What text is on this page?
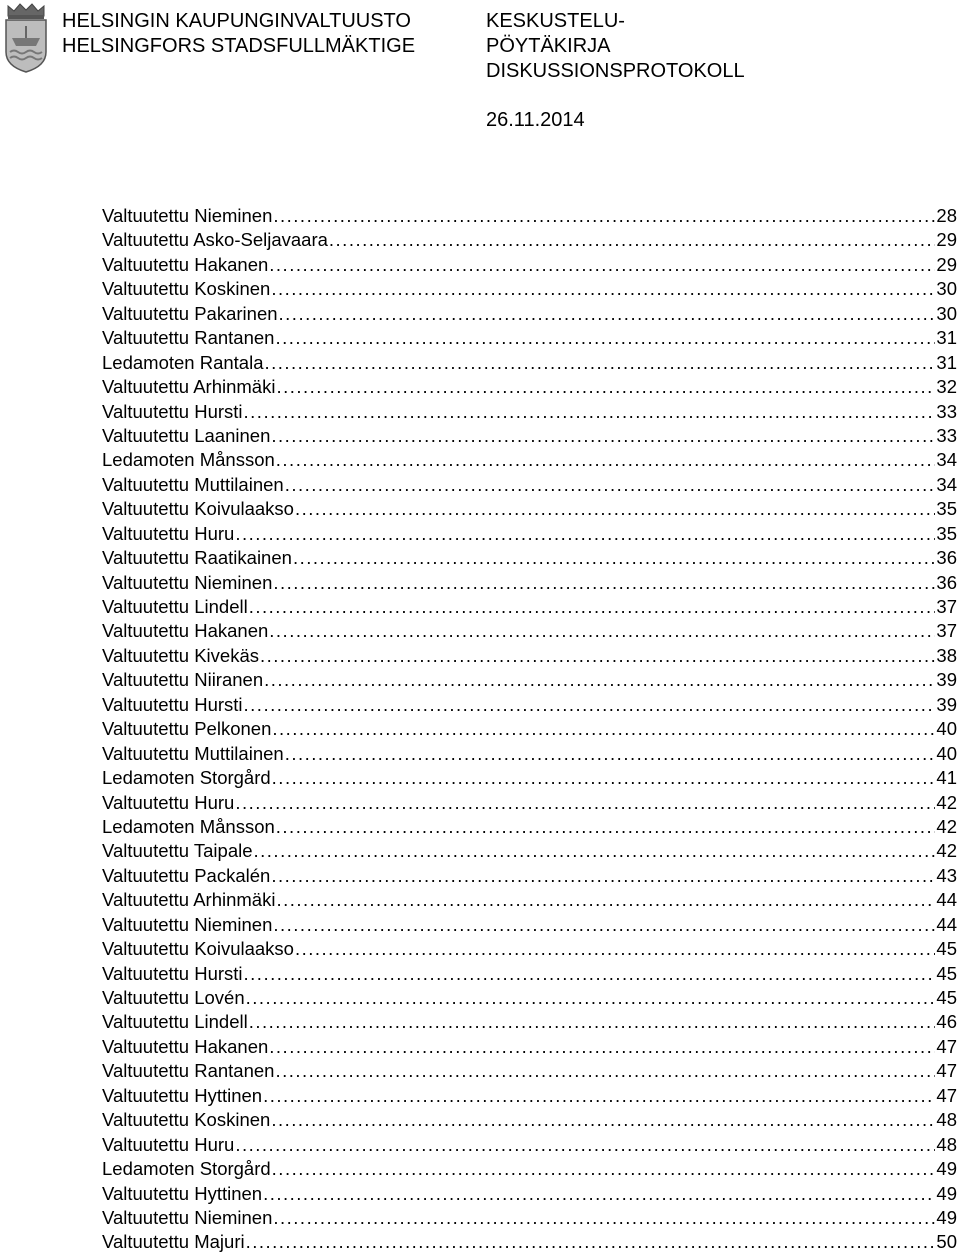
HELSINGIN KAUPUNGINVALTUUSTO
HELSINGFORS STADSFULLMÄKTIGE
KESKUSTELU-
PÖYTÄKIRJA
DISKUSSIONSPROTOKOLL
26.11.2014
Valtuutettu Nieminen .....	28
Valtuutettu Asko-Seljavaara .....	29
Valtuutettu Hakanen .....	29
Valtuutettu Koskinen .....	30
Valtuutettu Pakarinen .....	30
Valtuutettu Rantanen .....	31
Ledamoten Rantala .....	31
Valtuutettu Arhinmäki .....	32
Valtuutettu Hursti .....	33
Valtuutettu Laaninen .....	33
Ledamoten Månsson .....	34
Valtuutettu Muttilainen .....	34
Valtuutettu Koivulaakso .....	35
Valtuutettu Huru .....	35
Valtuutettu Raatikainen .....	36
Valtuutettu Nieminen .....	36
Valtuutettu Lindell .....	37
Valtuutettu Hakanen .....	37
Valtuutettu Kivekäs .....	38
Valtuutettu Niiranen .....	39
Valtuutettu Hursti .....	39
Valtuutettu Pelkonen .....	40
Valtuutettu Muttilainen .....	40
Ledamoten Storgård .....	41
Valtuutettu Huru .....	42
Ledamoten Månsson .....	42
Valtuutettu Taipale .....	42
Valtuutettu Packalén .....	43
Valtuutettu Arhinmäki .....	44
Valtuutettu Nieminen .....	44
Valtuutettu Koivulaakso .....	45
Valtuutettu Hursti .....	45
Valtuutettu Lovén .....	45
Valtuutettu Lindell .....	46
Valtuutettu Hakanen .....	47
Valtuutettu Rantanen .....	47
Valtuutettu Hyttinen .....	47
Valtuutettu Koskinen .....	48
Valtuutettu Huru .....	48
Ledamoten Storgård .....	49
Valtuutettu Hyttinen .....	49
Valtuutettu Nieminen .....	49
Valtuutettu Majuri .....	50
